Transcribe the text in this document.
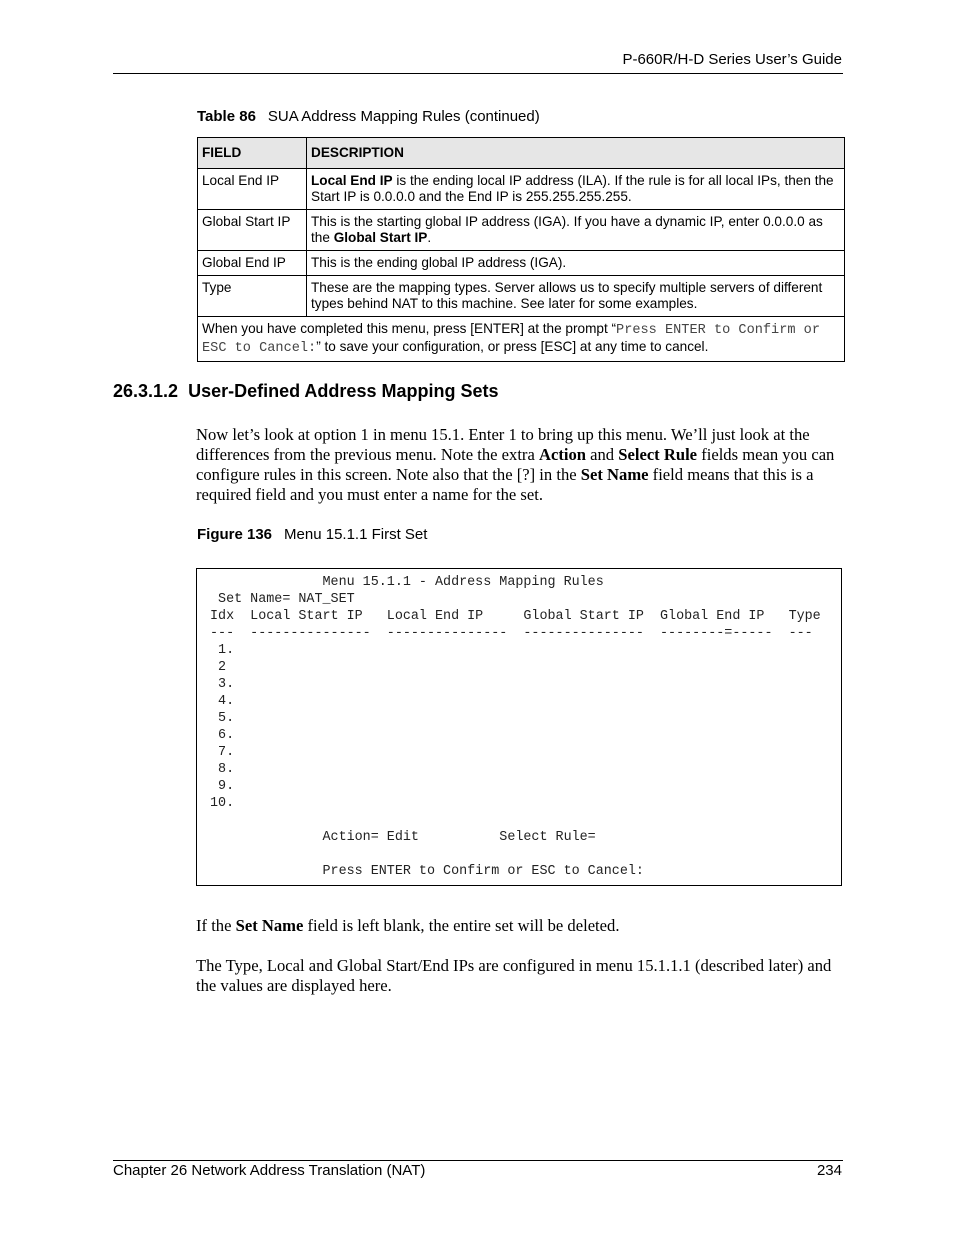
P-660R/H-D Series User’s Guide
Table 86 SUA Address Mapping Rules (continued)
FIELD	DESCRIPTION
Local End IP	Local End IP is the ending local IP address (ILA). If the rule is for all local IPs, then the Start IP is 0.0.0.0 and the End IP is 255.255.255.255.
Global Start IP	This is the starting global IP address (IGA). If you have a dynamic IP, enter 0.0.0.0 as the Global Start IP.
Global End IP	This is the ending global IP address (IGA).
Type	These are the mapping types. Server allows us to specify multiple servers of different types behind NAT to this machine. See later for some examples.
When you have completed this menu, press [ENTER] at the prompt “Press ENTER to Confirm or ESC to Cancel:” to save your configuration, or press [ESC] at any time to cancel.	
26.3.1.2 User-Defined Address Mapping Sets
Now let’s look at option 1 in menu 15.1. Enter 1 to bring up this menu. We’ll just look at the differences from the previous menu. Note the extra Action and Select Rule fields mean you can configure rules in this screen. Note also that the [?] in the Set Name field means that this is a required field and you must enter a name for the set.
Figure 136 Menu 15.1.1 First Set
Menu 15.1.1 - Address Mapping Rules
Set Name= NAT_SET
Idx  Local Start IP   Local End IP     Global Start IP  Global End IP   Type
---  ---------------  ---------------  ---------------  --------=-----  ---
1.
2
3.
4.
5.
6.
7.
8.
9.
10.

Action= Edit          Select Rule=

Press ENTER to Confirm or ESC to Cancel:
If the Set Name field is left blank, the entire set will be deleted.
The Type, Local and Global Start/End IPs are configured in menu 15.1.1.1 (described later) and the values are displayed here.
Chapter 26 Network Address Translation (NAT)	234
